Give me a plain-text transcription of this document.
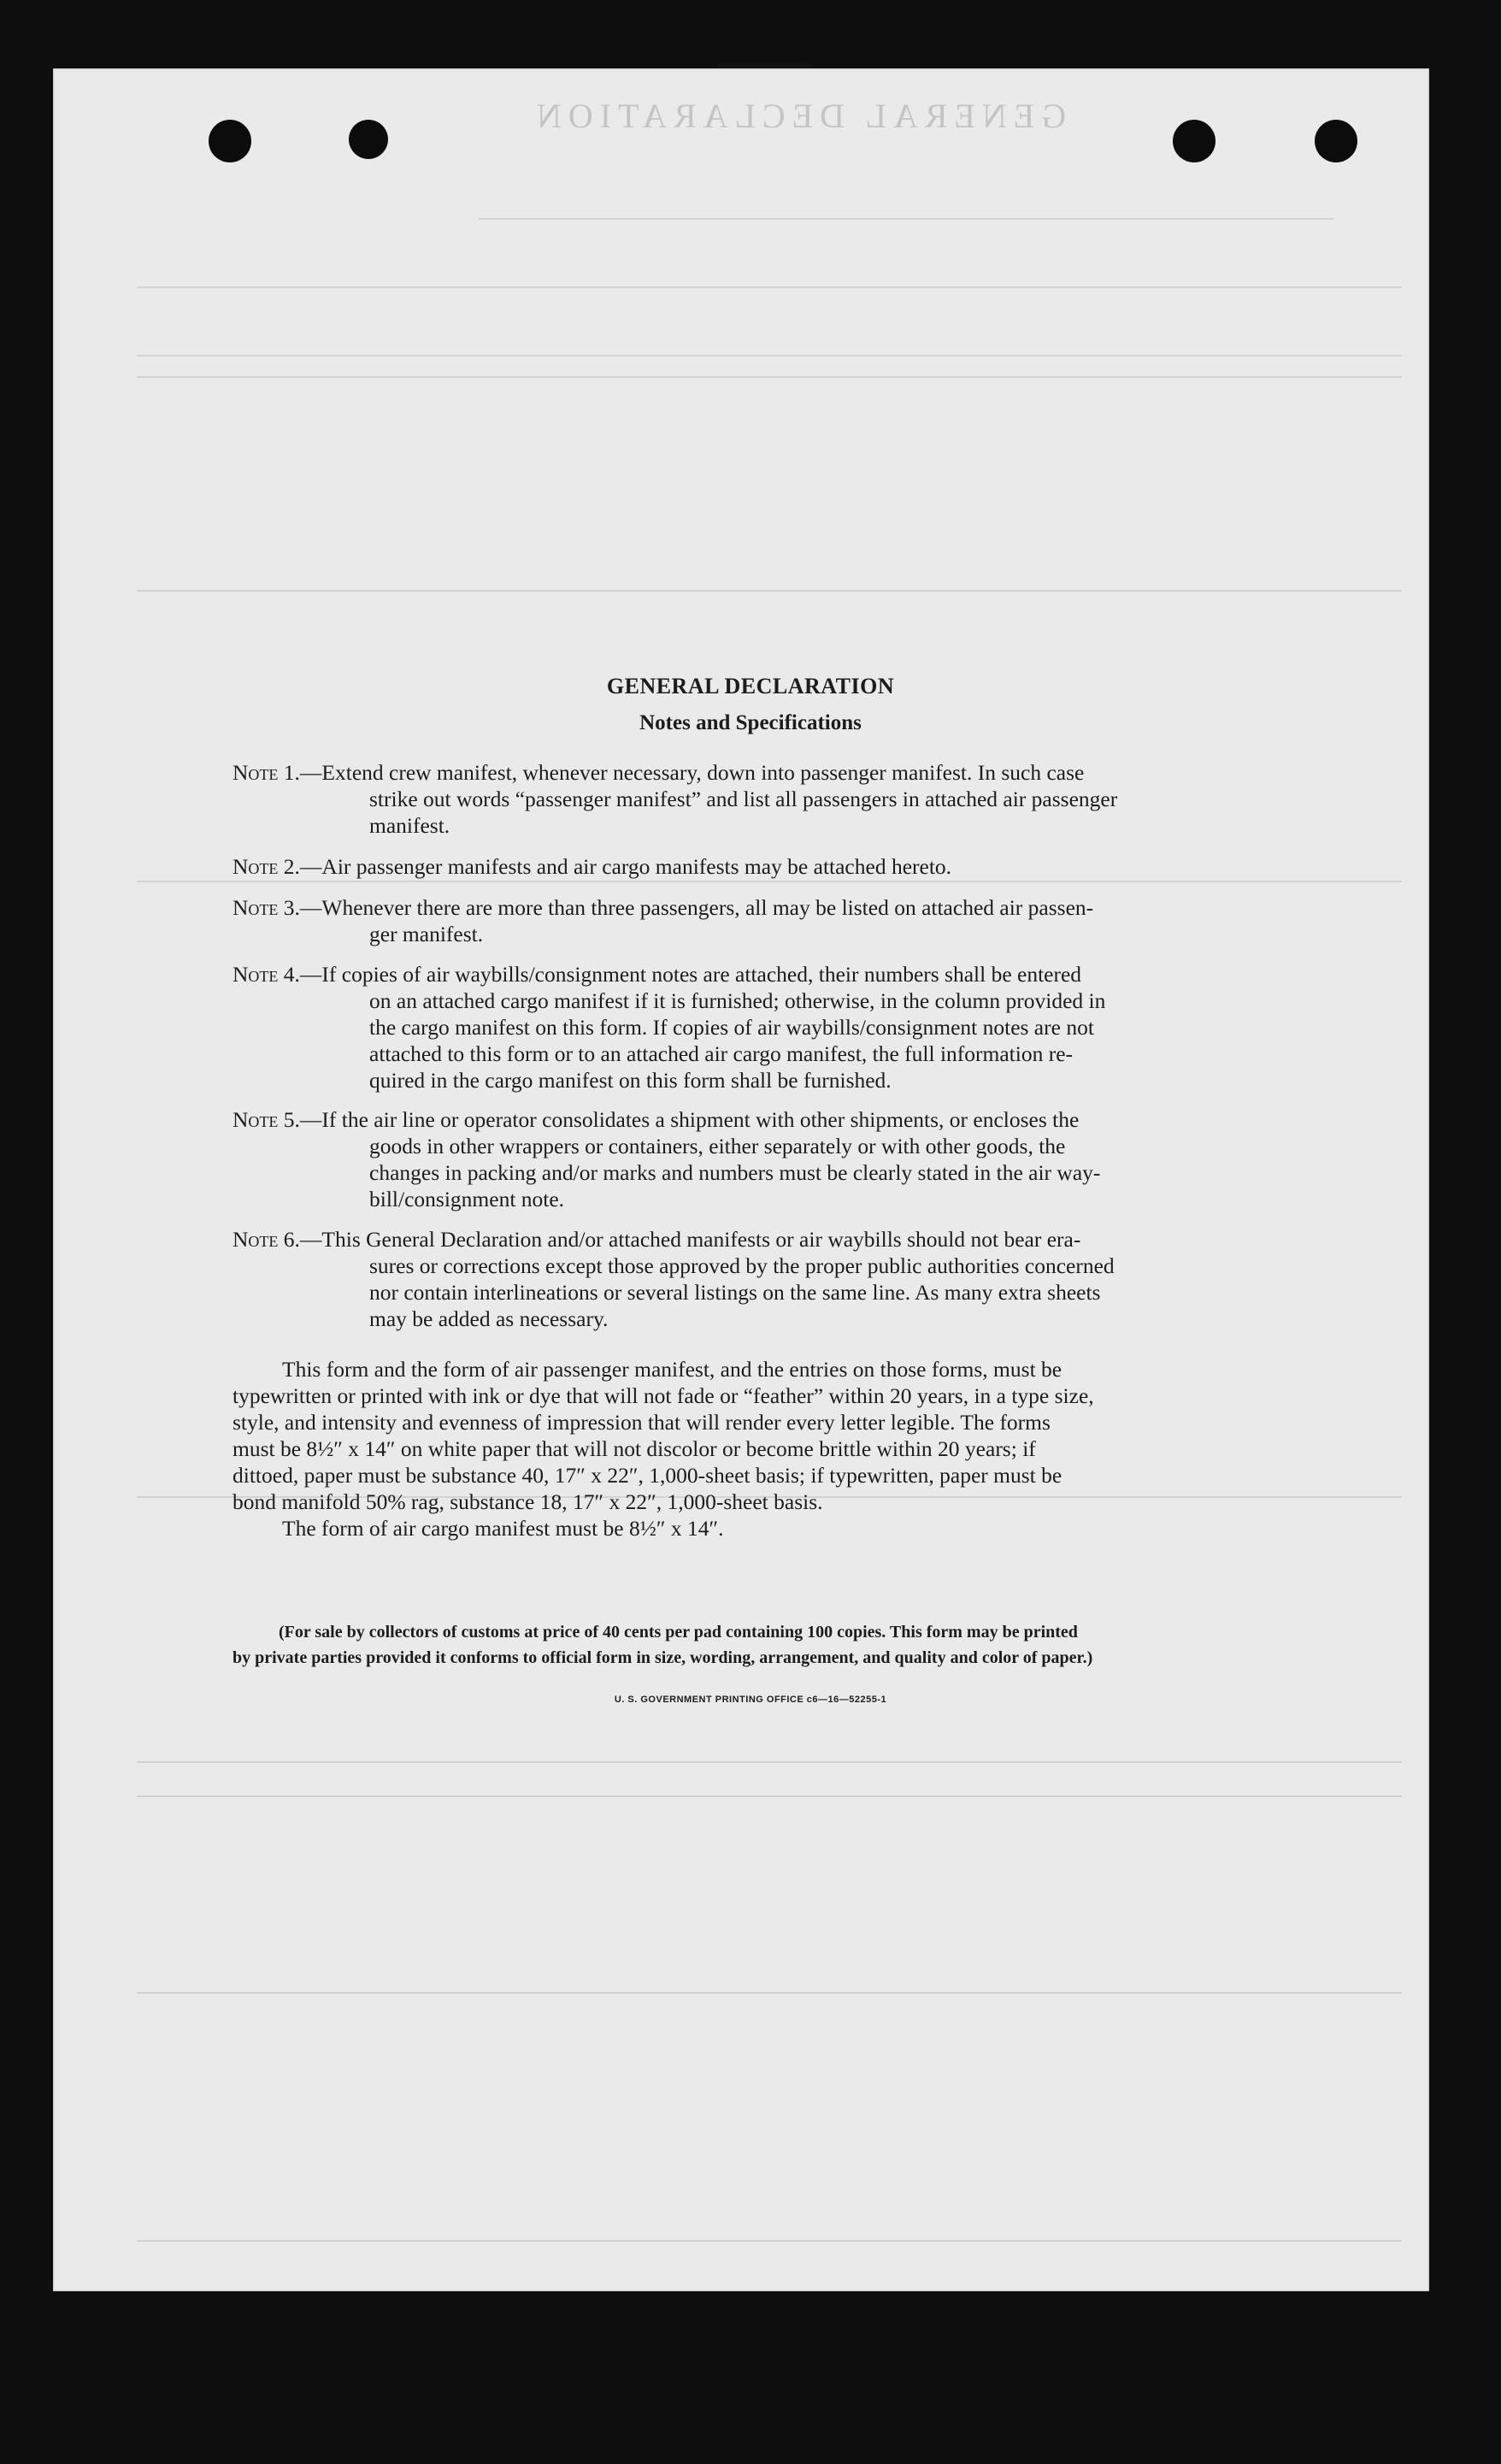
GENERAL DECLARATION
GENERAL DECLARATION
Notes and Specifications
Note 1.—Extend crew manifest, whenever necessary, down into passenger manifest. In such case
strike out words “passenger manifest” and list all passengers in attached air passenger
manifest.
Note 2.—Air passenger manifests and air cargo manifests may be attached hereto.
Note 3.—Whenever there are more than three passengers, all may be listed on attached air passen-
ger manifest.
Note 4.—If copies of air waybills/consignment notes are attached, their numbers shall be entered
on an attached cargo manifest if it is furnished; otherwise, in the column provided in
the cargo manifest on this form. If copies of air waybills/consignment notes are not
attached to this form or to an attached air cargo manifest, the full information re-
quired in the cargo manifest on this form shall be furnished.
Note 5.—If the air line or operator consolidates a shipment with other shipments, or encloses the
goods in other wrappers or containers, either separately or with other goods, the
changes in packing and/or marks and numbers must be clearly stated in the air way-
bill/consignment note.
Note 6.—This General Declaration and/or attached manifests or air waybills should not bear era-
sures or corrections except those approved by the proper public authorities concerned
nor contain interlineations or several listings on the same line. As many extra sheets
may be added as necessary.
This form and the form of air passenger manifest, and the entries on those forms, must be
typewritten or printed with ink or dye that will not fade or “feather” within 20 years, in a type size,
style, and intensity and evenness of impression that will render every letter legible. The forms
must be 8½″ x 14″ on white paper that will not discolor or become brittle within 20 years; if
dittoed, paper must be substance 40, 17″ x 22″, 1,000-sheet basis; if typewritten, paper must be
bond manifold 50% rag, substance 18, 17″ x 22″, 1,000-sheet basis.
The form of air cargo manifest must be 8½″ x 14″.
(For sale by collectors of customs at price of 40 cents per pad containing 100 copies. This form may be printed
by private parties provided it conforms to official form in size, wording, arrangement, and quality and color of paper.)
U. S. GOVERNMENT PRINTING OFFICE c6—16—52255-1
